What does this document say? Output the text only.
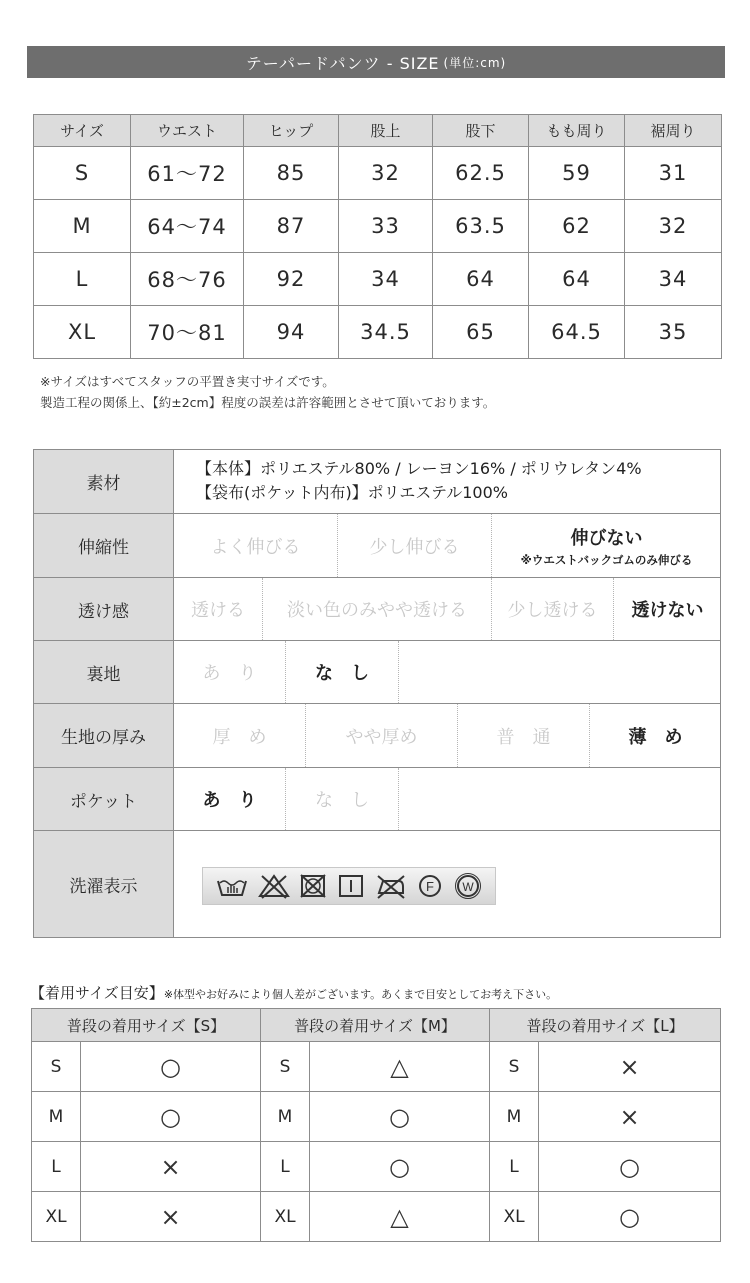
テーパードパンツ - SIZE (単位:cm)
サイズ	ウエスト	ヒップ	股上	股下	もも周り	裾周り
S	61〜72	85	32	62.5	59	31
M	64〜74	87	33	63.5	62	32
L	68〜76	92	34	64	64	34
XL	70〜81	94	34.5	65	64.5	35
※サイズはすべてスタッフの平置き実寸サイズです。
製造工程の関係上、【約±2cm】程度の誤差は許容範囲とさせて頂いております。
素材
【本体】ポリエステル80% / レーヨン16% / ポリウレタン4%
【袋布(ポケット内布)】ポリエステル100%
伸縮性	よく伸びる	少し伸びる	伸びない
※ウエストバックゴムのみ伸びる
透け感	透ける	淡い色のみやや透ける	少し透ける	透けない
裏地	あ　り	な　し
生地の厚み	厚　め	やや厚め	普　通	薄　め
ポケット	あ　り	な　し
洗濯表示	F W
【着用サイズ目安】※体型やお好みにより個人差がございます。あくまで目安としてお考え下さい。
普段の着用サイズ【S】		普段の着用サイズ【M】		普段の着用サイズ【L】	
S	○	S	△	S	×
M	○	M	○	M	×
L	×	L	○	L	○
XL	×	XL	△	XL	○
